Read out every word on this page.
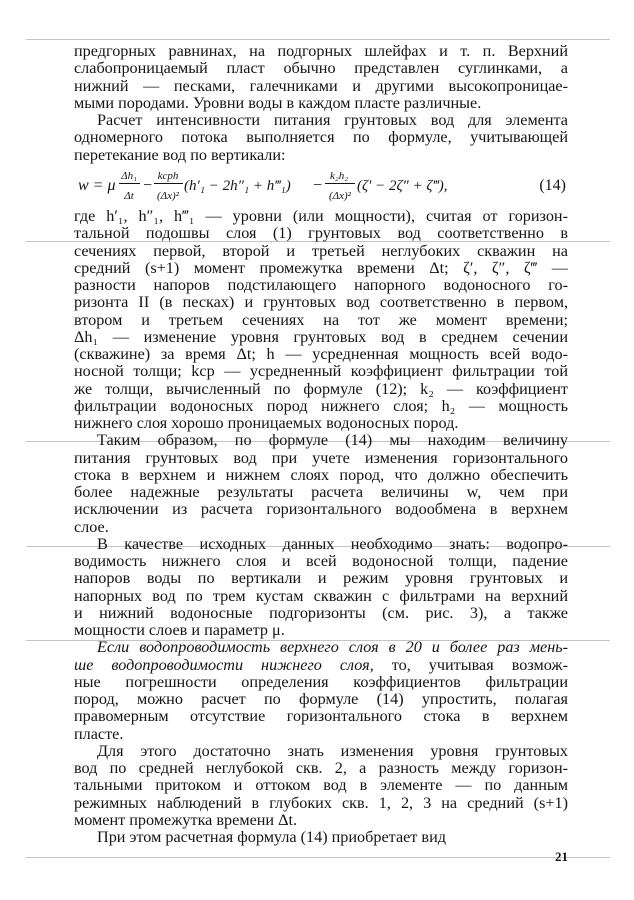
предгорных равнинах, на подгорных шлейфах и т. п. Верхний
слабопроницаемый пласт обычно представлен суглинками, а
нижний — песками, галечниками и другими высокопроницае-
мыми породами. Уровни воды в каждом пласте различные.
Расчет интенсивности питания грунтовых вод для элемента
одномерного потока выполняется по формуле, учитывающей
перетекание вод по вертикали:
w = μ
Δh₁
Δt
−
kсрh
(Δx)²
(h′₁ − 2h″₁ + h‴₁) −
k₂h₂
(Δx)²
(ζ′ − 2ζ″ + ζ‴),	(14)
где h′₁, h″₁, h‴₁ — уровни (или мощности), считая от горизон-
тальной подошвы слоя (1) грунтовых вод соответственно в
сечениях первой, второй и третьей неглубоких скважин на
средний (s+1) момент промежутка времени Δt; ζ′, ζ″, ζ‴ —
разности напоров подстилающего напорного водоносного го-
ризонта II (в песках) и грунтовых вод соответственно в первом,
втором и третьем сечениях на тот же момент времени;
Δh₁ — изменение уровня грунтовых вод в среднем сечении
(скважине) за время Δt; h — усредненная мощность всей водо-
носной толщи; kср — усредненный коэффициент фильтрации той
же толщи, вычисленный по формуле (12); k₂ — коэффициент
фильтрации водоносных пород нижнего слоя; h₂ — мощность
нижнего слоя хорошо проницаемых водоносных пород.
Таким образом, по формуле (14) мы находим величину
питания грунтовых вод при учете изменения горизонтального
стока в верхнем и нижнем слоях пород, что должно обеспечить
более надежные результаты расчета величины w, чем при
исключении из расчета горизонтального водообмена в верхнем
слое.
В качестве исходных данных необходимо знать: водопро-
водимость нижнего слоя и всей водоносной толщи, падение
напоров воды по вертикали и режим уровня грунтовых и
напорных вод по трем кустам скважин с фильтрами на верхний
и нижний водоносные подгоризонты (см. рис. 3), а также
мощности слоев и параметр μ.
Если водопроводимость верхнего слоя в 20 и более раз мень-
ше водопроводимости нижнего слоя, то, учитывая возмож-
ные погрешности определения коэффициентов фильтрации
пород, можно расчет по формуле (14) упростить, полагая
правомерным отсутствие горизонтального стока в верхнем
пласте.
Для этого достаточно знать изменения уровня грунтовых
вод по средней неглубокой скв. 2, а разность между горизон-
тальными притоком и оттоком вод в элементе — по данным
режимных наблюдений в глубоких скв. 1, 2, 3 на средний (s+1)
момент промежутка времени Δt.
При этом расчетная формула (14) приобретает вид
21
